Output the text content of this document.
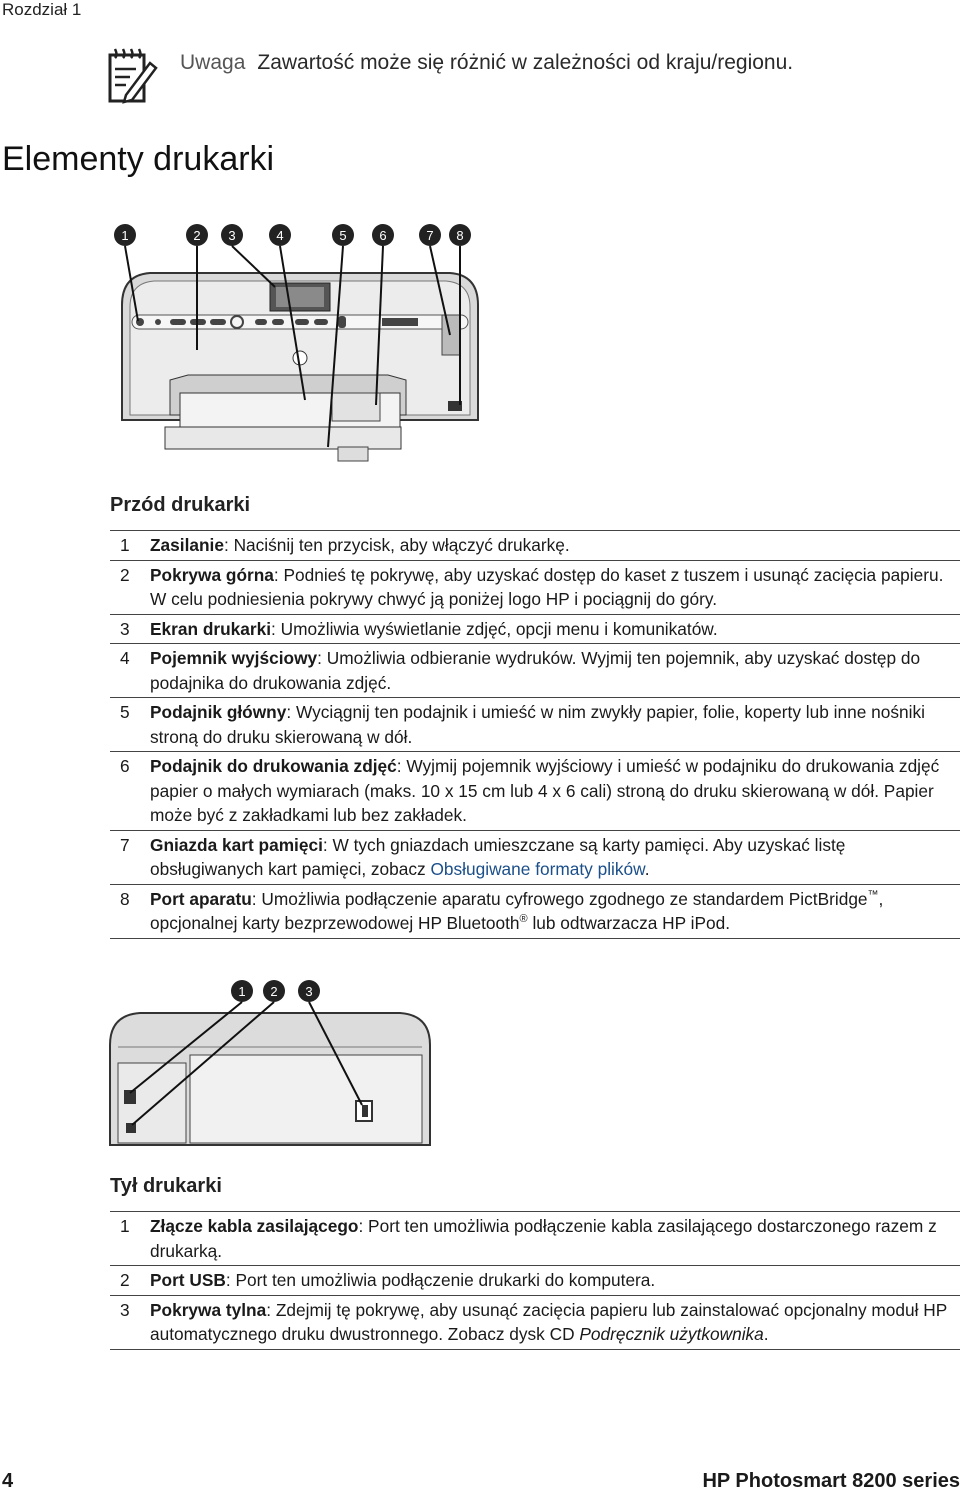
Rozdział 1
Uwaga Zawartość może się różnić w zależności od kraju/regionu.
Elementy drukarki
1	2 3	4	5	6	7 8
Przód drukarki
1	Zasilanie: Naciśnij ten przycisk, aby włączyć drukarkę.
2	Pokrywa górna: Podnieś tę pokrywę, aby uzyskać dostęp do kaset z tuszem i usunąć zacięcia papieru. W celu podniesienia pokrywy chwyć ją poniżej logo HP i pociągnij do góry.
3	Ekran drukarki: Umożliwia wyświetlanie zdjęć, opcji menu i komunikatów.
4	Pojemnik wyjściowy: Umożliwia odbieranie wydruków. Wyjmij ten pojemnik, aby uzyskać dostęp do podajnika do drukowania zdjęć.
5	Podajnik główny: Wyciągnij ten podajnik i umieść w nim zwykły papier, folie, koperty lub inne nośniki stroną do druku skierowaną w dół.
6	Podajnik do drukowania zdjęć: Wyjmij pojemnik wyjściowy i umieść w podajniku do drukowania zdjęć papier o małych wymiarach (maks. 10 x 15 cm lub 4 x 6 cali) stroną do druku skierowaną w dół. Papier może być z zakładkami lub bez zakładek.
7	Gniazda kart pamięci: W tych gniazdach umieszczane są karty pamięci. Aby uzyskać listę obsługiwanych kart pamięci, zobacz Obsługiwane formaty plików.
8	Port aparatu: Umożliwia podłączenie aparatu cyfrowego zgodnego ze standardem PictBridge™, opcjonalnej karty bezprzewodowej HP Bluetooth® lub odtwarzacza HP iPod.
1 2 3
Tył drukarki
1	Złącze kabla zasilającego: Port ten umożliwia podłączenie kabla zasilającego dostarczonego razem z drukarką.
2	Port USB: Port ten umożliwia podłączenie drukarki do komputera.
3	Pokrywa tylna: Zdejmij tę pokrywę, aby usunąć zacięcia papieru lub zainstalować opcjonalny moduł HP automatycznego druku dwustronnego. Zobacz dysk CD Podręcznik użytkownika.
4	HP Photosmart 8200 series
